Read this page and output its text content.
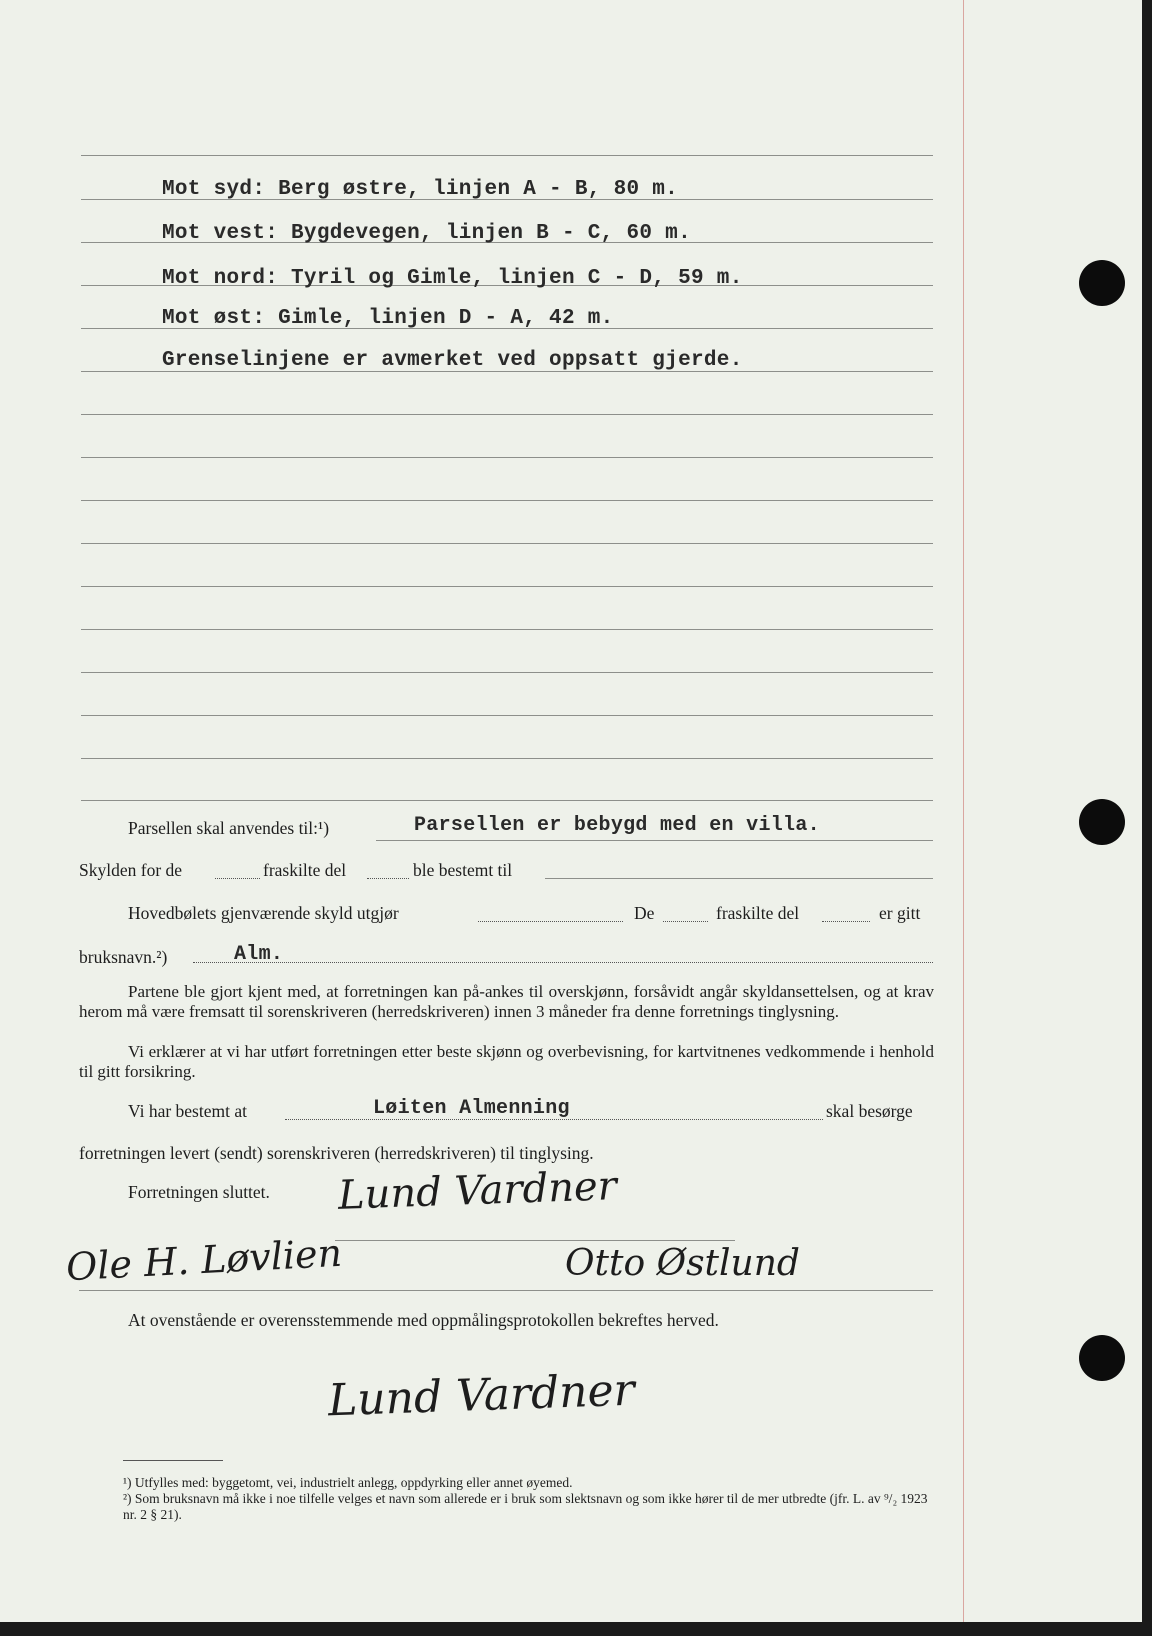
Mot syd: Berg østre, linjen A - B, 80 m.
Mot vest: Bygdevegen, linjen B - C, 60 m.
Mot nord: Tyril og Gimle, linjen C - D, 59 m.
Mot øst: Gimle, linjen D - A, 42 m.
Grenselinjene er avmerket ved oppsatt gjerde.
Parsellen skal anvendes til:¹)	Parsellen er bebygd med en villa.
Skylden for de	fraskilte del	ble bestemt til
Hovedbølets gjenværende skyld utgjør	De	fraskilte del	er gitt
bruksnavn.²)	Alm.
Partene ble gjort kjent med, at forretningen kan på-ankes til overskjønn, forsåvidt angår skyldansettelsen, og at krav herom må være fremsatt til sorenskriveren (herredskriveren) innen 3 måneder fra denne forretnings tinglysning.
Vi erklærer at vi har utført forretningen etter beste skjønn og overbevisning, for kartvitnenes vedkommende i henhold til gitt forsikring.
Vi har bestemt at	Løiten Almenning	skal besørge
forretningen levert (sendt) sorenskriveren (herredskriveren) til tinglysing.
Forretningen sluttet. Lund Vardner
Ole H. Løvlien	Otto Østlund
At ovenstående er overensstemmende med oppmålingsprotokollen bekreftes herved.
Lund Vardner
¹) Utfylles med: byggetomt, vei, industrielt anlegg, oppdyrking eller annet øyemed.
²) Som bruksnavn må ikke i noe tilfelle velges et navn som allerede er i bruk som slektsnavn og som ikke hører til de mer utbredte (jfr. L. av ⁹/₂ 1923 nr. 2 § 21).
